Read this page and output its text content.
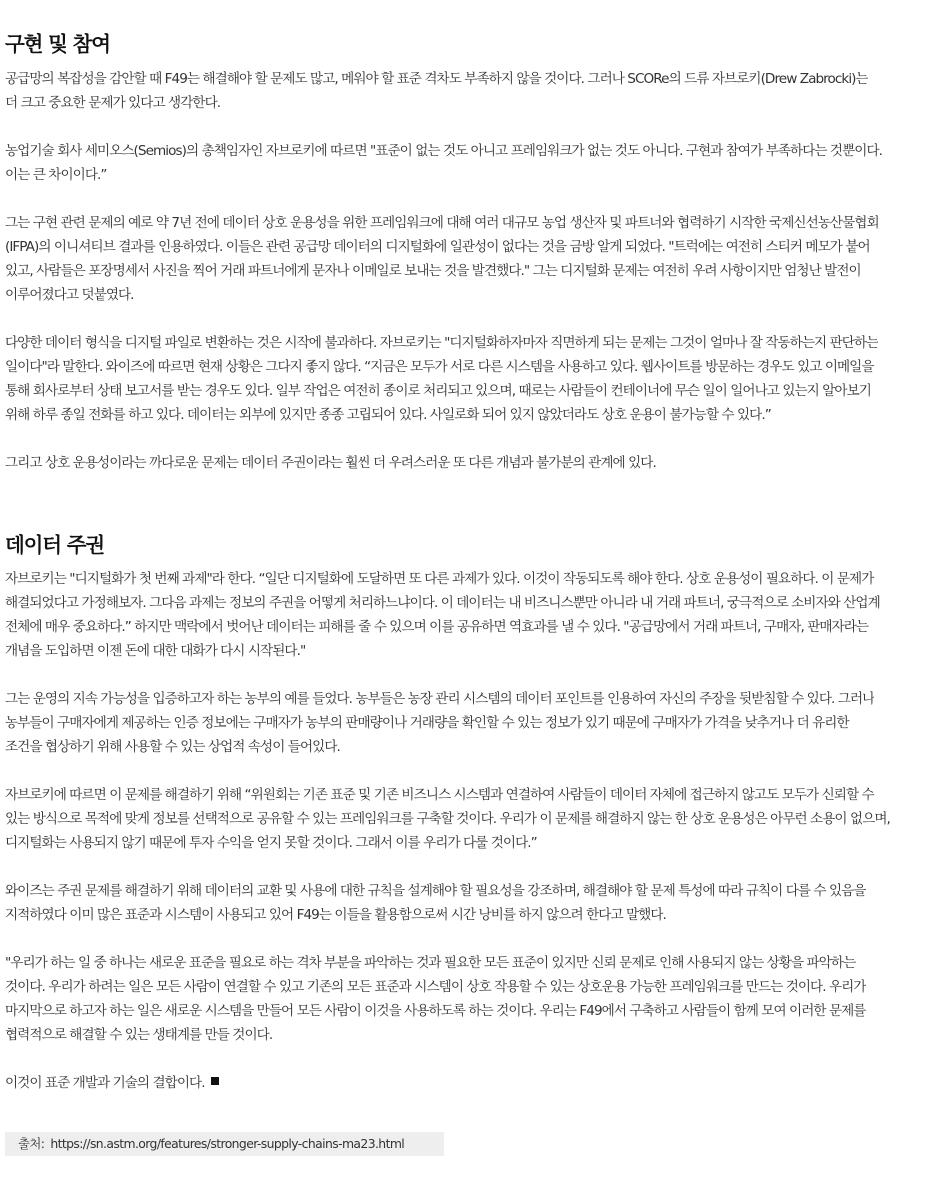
구현 및 참여

공급망의 복잡성을 감안할 때 F49는 해결해야 할 문제도 많고, 메워야 할 표준 격차도 부족하지 않을 것이다. 그러나 SCORe의 드류 자브로키(Drew Zabrocki)는
더 크고 중요한 문제가 있다고 생각한다.

농업기술 회사 세미오스(Semios)의 총책임자인 자브로키에 따르면 "표준이 없는 것도 아니고 프레임워크가 없는 것도 아니다. 구현과 참여가 부족하다는 것뿐이다.
이는 큰 차이이다.”

그는 구현 관련 문제의 예로 약 7년 전에 데이터 상호 운용성을 위한 프레임워크에 대해 여러 대규모 농업 생산자 및 파트너와 협력하기 시작한 국제신선농산물협회
(IFPA)의 이니셔티브 결과를 인용하였다. 이들은 관련 공급망 데이터의 디지털화에 일관성이 없다는 것을 금방 알게 되었다. "트럭에는 여전히 스티커 메모가 붙어
있고, 사람들은 포장명세서 사진을 찍어 거래 파트너에게 문자나 이메일로 보내는 것을 발견했다." 그는 디지털화 문제는 여전히 우려 사항이지만 엄청난 발전이
이루어졌다고 덧붙였다.

다양한 데이터 형식을 디지털 파일로 변환하는 것은 시작에 불과하다. 자브로키는 "디지털화하자마자 직면하게 되는 문제는 그것이 얼마나 잘 작동하는지 판단하는
일이다"라 말한다. 와이즈에 따르면 현재 상황은 그다지 좋지 않다. “지금은 모두가 서로 다른 시스템을 사용하고 있다. 웹사이트를 방문하는 경우도 있고 이메일을
통해 회사로부터 상태 보고서를 받는 경우도 있다. 일부 작업은 여전히 종이로 처리되고 있으며, 때로는 사람들이 컨테이너에 무슨 일이 일어나고 있는지 알아보기
위해 하루 종일 전화를 하고 있다. 데이터는 외부에 있지만 종종 고립되어 있다. 사일로화 되어 있지 않았더라도 상호 운용이 불가능할 수 있다.”

그리고 상호 운용성이라는 까다로운 문제는 데이터 주권이라는 훨씬 더 우려스러운 또 다른 개념과 불가분의 관계에 있다.

데이터 주권

자브로키는 "디지털화가 첫 번째 과제"라 한다. “일단 디지털화에 도달하면 또 다른 과제가 있다. 이것이 작동되도록 해야 한다. 상호 운용성이 필요하다. 이 문제가
해결되었다고 가정해보자. 그다음 과제는 정보의 주권을 어떻게 처리하느냐이다. 이 데이터는 내 비즈니스뿐만 아니라 내 거래 파트너, 궁극적으로 소비자와 산업계
전체에 매우 중요하다.” 하지만 맥락에서 벗어난 데이터는 피해를 줄 수 있으며 이를 공유하면 역효과를 낼 수 있다. "공급망에서 거래 파트너, 구매자, 판매자라는
개념을 도입하면 이젠 돈에 대한 대화가 다시 시작된다."

그는 운영의 지속 가능성을 입증하고자 하는 농부의 예를 들었다. 농부들은 농장 관리 시스템의 데이터 포인트를 인용하여 자신의 주장을 뒷받침할 수 있다. 그러나
농부들이 구매자에게 제공하는 인증 정보에는 구매자가 농부의 판매량이나 거래량을 확인할 수 있는 정보가 있기 때문에 구매자가 가격을 낮추거나 더 유리한
조건을 협상하기 위해 사용할 수 있는 상업적 속성이 들어있다.

자브로키에 따르면 이 문제를 해결하기 위해 “위원회는 기존 표준 및 기존 비즈니스 시스템과 연결하여 사람들이 데이터 자체에 접근하지 않고도 모두가 신뢰할 수
있는 방식으로 목적에 맞게 정보를 선택적으로 공유할 수 있는 프레임워크를 구축할 것이다. 우리가 이 문제를 해결하지 않는 한 상호 운용성은 아무런 소용이 없으며,
디지털화는 사용되지 않기 때문에 투자 수익을 얻지 못할 것이다. 그래서 이를 우리가 다룰 것이다.”

와이즈는 주권 문제를 해결하기 위해 데이터의 교환 및 사용에 대한 규칙을 설계해야 할 필요성을 강조하며, 해결해야 할 문제 특성에 따라 규칙이 다를 수 있음을
지적하였다 이미 많은 표준과 시스템이 사용되고 있어 F49는 이들을 활용함으로써 시간 낭비를 하지 않으려 한다고 말했다.

"우리가 하는 일 중 하나는 새로운 표준을 필요로 하는 격차 부분을 파악하는 것과 필요한 모든 표준이 있지만 신뢰 문제로 인해 사용되지 않는 상황을 파악하는
것이다. 우리가 하려는 일은 모든 사람이 연결할 수 있고 기존의 모든 표준과 시스템이 상호 작용할 수 있는 상호운용 가능한 프레임워크를 만드는 것이다. 우리가
마지막으로 하고자 하는 일은 새로운 시스템을 만들어 모든 사람이 이것을 사용하도록 하는 것이다. 우리는 F49에서 구축하고 사람들이 함께 모여 이러한 문제를
협력적으로 해결할 수 있는 생태계를 만들 것이다.

이것이 표준 개발과 기술의 결합이다.

출처: https://sn.astm.org/features/stronger-supply-chains-ma23.html
